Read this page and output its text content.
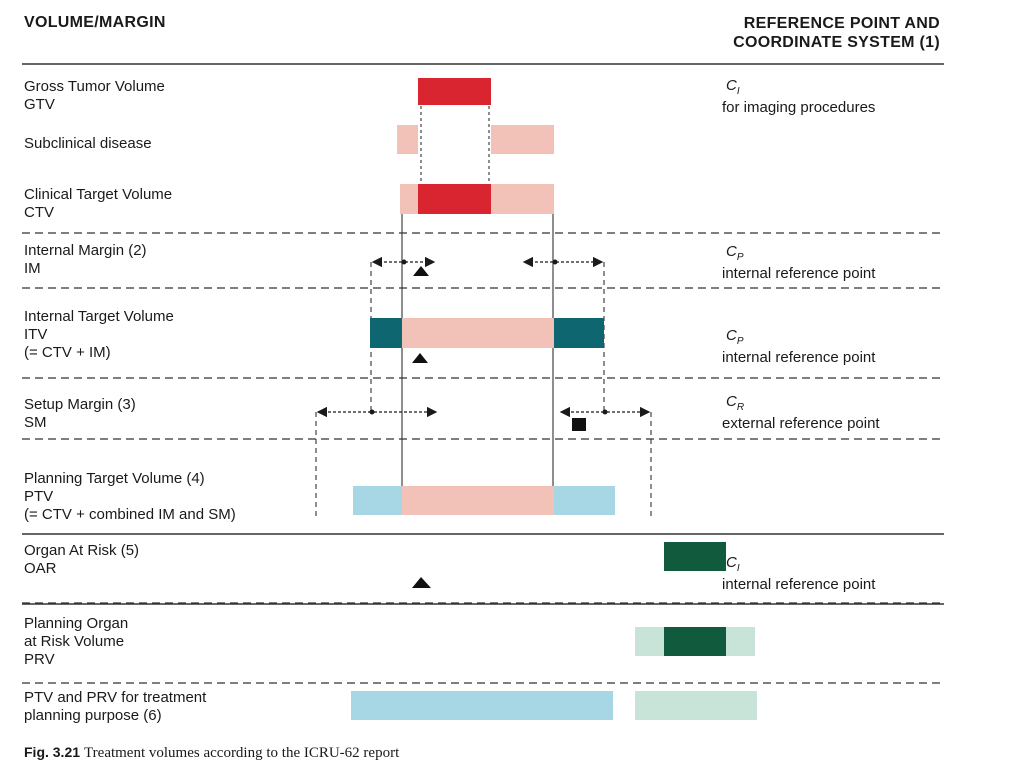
VOLUME/MARGIN	REFERENCE POINT AND
COORDINATE SYSTEM (1)
Gross Tumor Volume
GTV
Subclinical disease
Clinical Target Volume
CTV
Internal Margin (2)
IM
Internal Target Volume
ITV
(= CTV + IM)
Setup Margin (3)
SM
Planning Target Volume (4)
PTV
(= CTV + combined IM and SM)
Organ At Risk (5)
OAR
Planning Organ
at Risk Volume
PRV
PTV and PRV for treatment
planning purpose (6)
$C_I$
for imaging procedures
$C_P$
internal reference point
$C_P$
internal reference point
$C_R$
external reference point
$C_I$
internal reference point
Fig. 3.21 Treatment volumes according to the ICRU-62 report
